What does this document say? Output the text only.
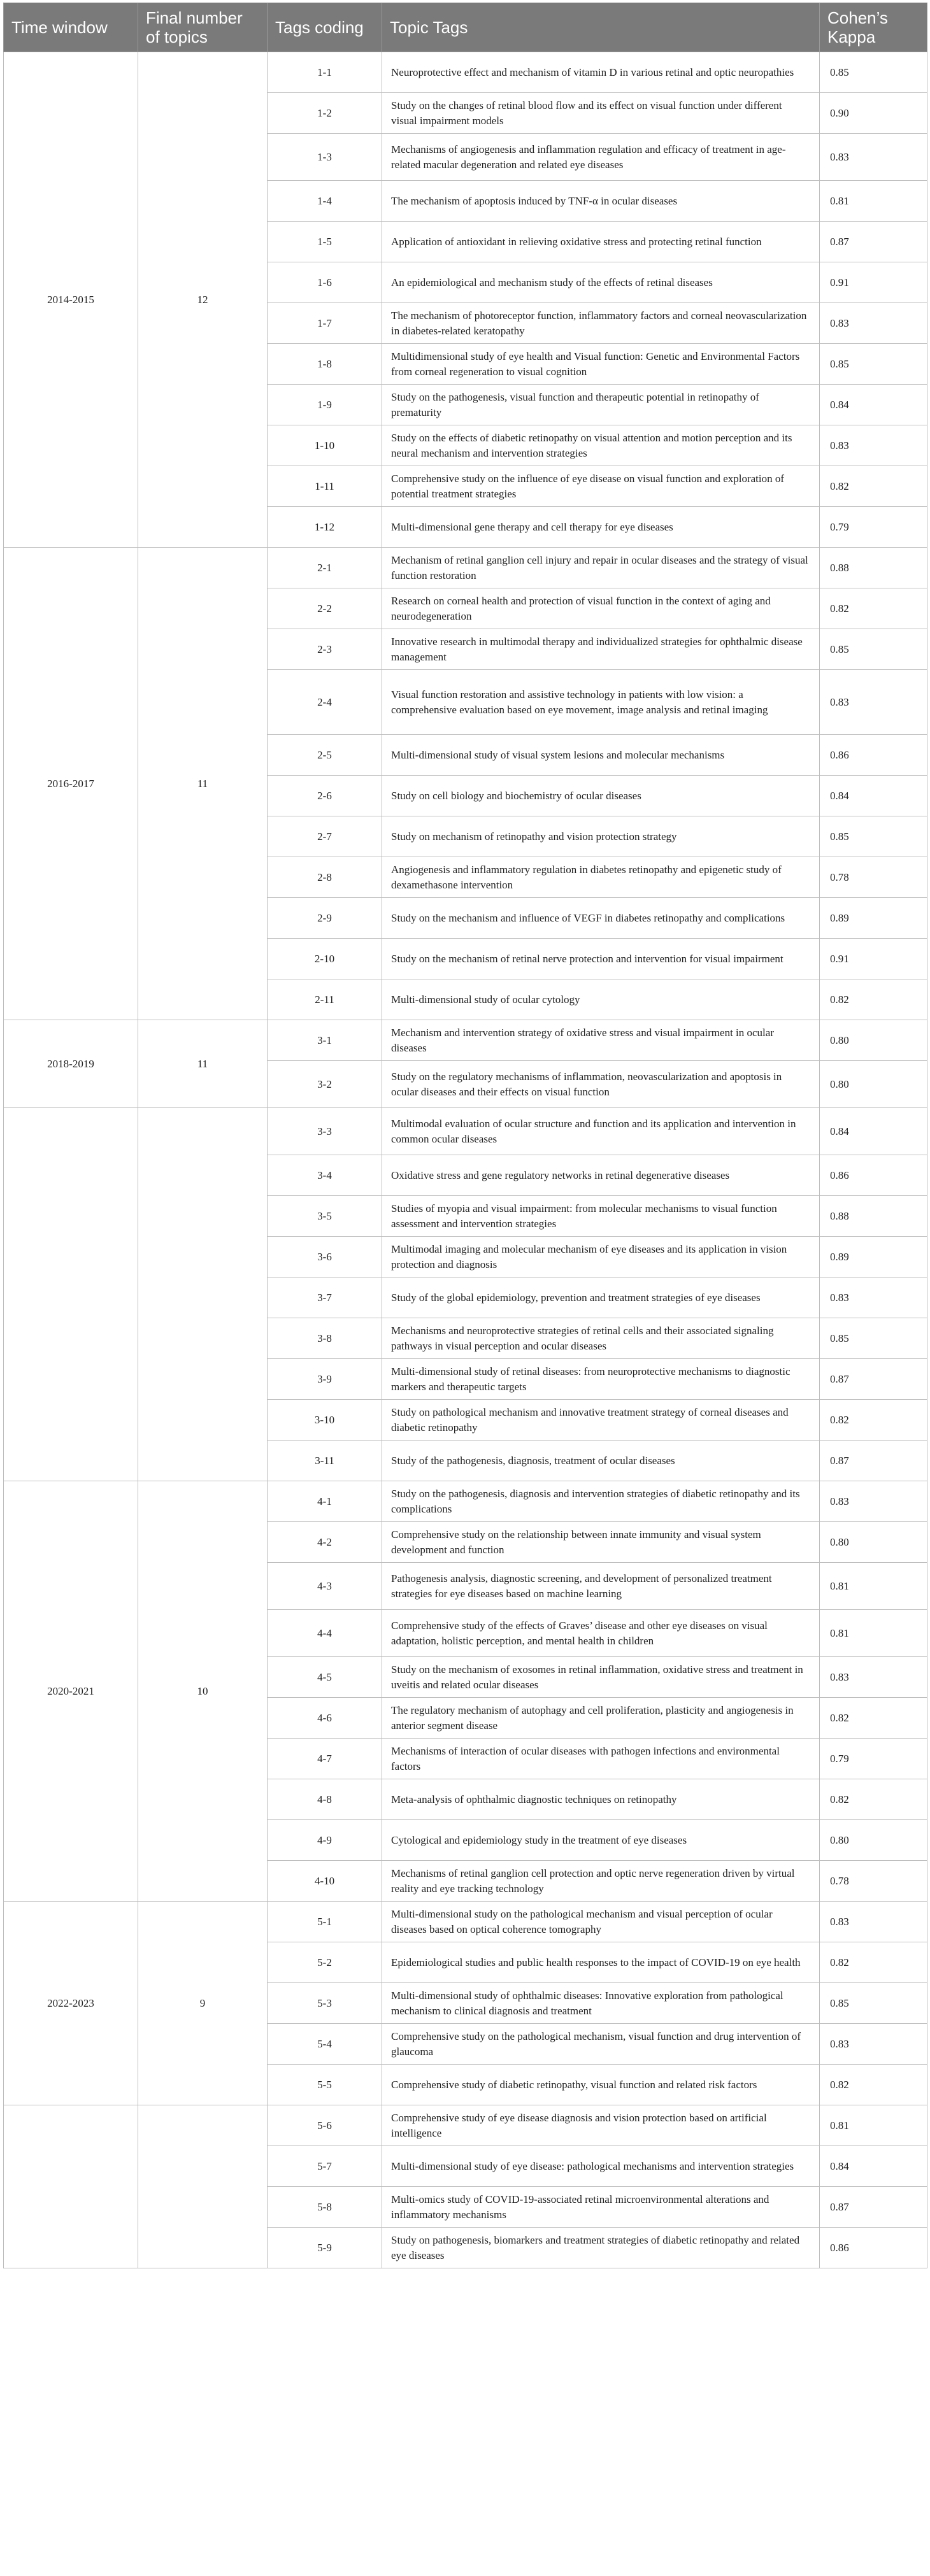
Time window	Final number of topics	Tags coding	Topic Tags	Cohen’s Kappa
2014-2015	12	1-1	Neuroprotective effect and mechanism of vitamin D in various retinal and optic neuropathies	0.85
		1-2	Study on the changes of retinal blood flow and its effect on visual function under different visual impairment models	0.90
		1-3	Mechanisms of angiogenesis and inflammation regulation and efficacy of treatment in age-related macular degeneration and related eye diseases	0.83
		1-4	The mechanism of apoptosis induced by TNF-α in ocular diseases	0.81
		1-5	Application of antioxidant in relieving oxidative stress and protecting retinal function	0.87
		1-6	An epidemiological and mechanism study of the effects of retinal diseases	0.91
		1-7	The mechanism of photoreceptor function, inflammatory factors and corneal neovascularization in diabetes-related keratopathy	0.83
		1-8	Multidimensional study of eye health and Visual function: Genetic and Environmental Factors from corneal regeneration to visual cognition	0.85
		1-9	Study on the pathogenesis, visual function and therapeutic potential in retinopathy of prematurity	0.84
		1-10	Study on the effects of diabetic retinopathy on visual attention and motion perception and its neural mechanism and intervention strategies	0.83
		1-11	Comprehensive study on the influence of eye disease on visual function and exploration of potential treatment strategies	0.82
		1-12	Multi-dimensional gene therapy and cell therapy for eye diseases	0.79
2016-2017	11	2-1	Mechanism of retinal ganglion cell injury and repair in ocular diseases and the strategy of visual function restoration	0.88
		2-2	Research on corneal health and protection of visual function in the context of aging and neurodegeneration	0.82
		2-3	Innovative research in multimodal therapy and individualized strategies for ophthalmic disease management	0.85
		2-4	Visual function restoration and assistive technology in patients with low vision: a comprehensive evaluation based on eye movement, image analysis and retinal imaging	0.83
		2-5	Multi-dimensional study of visual system lesions and molecular mechanisms	0.86
		2-6	Study on cell biology and biochemistry of ocular diseases	0.84
		2-7	Study on mechanism of retinopathy and vision protection strategy	0.85
		2-8	Angiogenesis and inflammatory regulation in diabetes retinopathy and epigenetic study of dexamethasone intervention	0.78
		2-9	Study on the mechanism and influence of VEGF in diabetes retinopathy and complications	0.89
		2-10	Study on the mechanism of retinal nerve protection and intervention for visual impairment	0.91
		2-11	Multi-dimensional study of ocular cytology	0.82
2018-2019	11	3-1	Mechanism and intervention strategy of oxidative stress and visual impairment in ocular diseases	0.80
		3-2	Study on the regulatory mechanisms of inflammation, neovascularization and apoptosis in ocular diseases and their effects on visual function	0.80
		3-3	Multimodal evaluation of ocular structure and function and its application and intervention in common ocular diseases	0.84
		3-4	Oxidative stress and gene regulatory networks in retinal degenerative diseases	0.86
		3-5	Studies of myopia and visual impairment: from molecular mechanisms to visual function assessment and intervention strategies	0.88
		3-6	Multimodal imaging and molecular mechanism of eye diseases and its application in vision protection and diagnosis	0.89
		3-7	Study of the global epidemiology, prevention and treatment strategies of eye diseases	0.83
		3-8	Mechanisms and neuroprotective strategies of retinal cells and their associated signaling pathways in visual perception and ocular diseases	0.85
		3-9	Multi-dimensional study of retinal diseases: from neuroprotective mechanisms to diagnostic markers and therapeutic targets	0.87
		3-10	Study on pathological mechanism and innovative treatment strategy of corneal diseases and diabetic retinopathy	0.82
		3-11	Study of the pathogenesis, diagnosis, treatment of ocular diseases	0.87
2020-2021	10	4-1	Study on the pathogenesis, diagnosis and intervention strategies of diabetic retinopathy and its complications	0.83
		4-2	Comprehensive study on the relationship between innate immunity and visual system development and function	0.80
		4-3	Pathogenesis analysis, diagnostic screening, and development of personalized treatment strategies for eye diseases based on machine learning	0.81
		4-4	Comprehensive study of the effects of Graves’ disease and other eye diseases on visual adaptation, holistic perception, and mental health in children	0.81
		4-5	Study on the mechanism of exosomes in retinal inflammation, oxidative stress and treatment in uveitis and related ocular diseases	0.83
		4-6	The regulatory mechanism of autophagy and cell proliferation, plasticity and angiogenesis in anterior segment disease	0.82
		4-7	Mechanisms of interaction of ocular diseases with pathogen infections and environmental factors	0.79
		4-8	Meta-analysis of ophthalmic diagnostic techniques on retinopathy	0.82
		4-9	Cytological and epidemiology study in the treatment of eye diseases	0.80
		4-10	Mechanisms of retinal ganglion cell protection and optic nerve regeneration driven by virtual reality and eye tracking technology	0.78
2022-2023	9	5-1	Multi-dimensional study on the pathological mechanism and visual perception of ocular diseases based on optical coherence tomography	0.83
		5-2	Epidemiological studies and public health responses to the impact of COVID-19 on eye health	0.82
		5-3	Multi-dimensional study of ophthalmic diseases: Innovative exploration from pathological mechanism to clinical diagnosis and treatment	0.85
		5-4	Comprehensive study on the pathological mechanism, visual function and drug intervention of glaucoma	0.83
		5-5	Comprehensive study of diabetic retinopathy, visual function and related risk factors	0.82
		5-6	Comprehensive study of eye disease diagnosis and vision protection based on artificial intelligence	0.81
		5-7	Multi-dimensional study of eye disease: pathological mechanisms and intervention strategies	0.84
		5-8	Multi-omics study of COVID-19-associated retinal microenvironmental alterations and inflammatory mechanisms	0.87
		5-9	Study on pathogenesis, biomarkers and treatment strategies of diabetic retinopathy and related eye diseases	0.86
